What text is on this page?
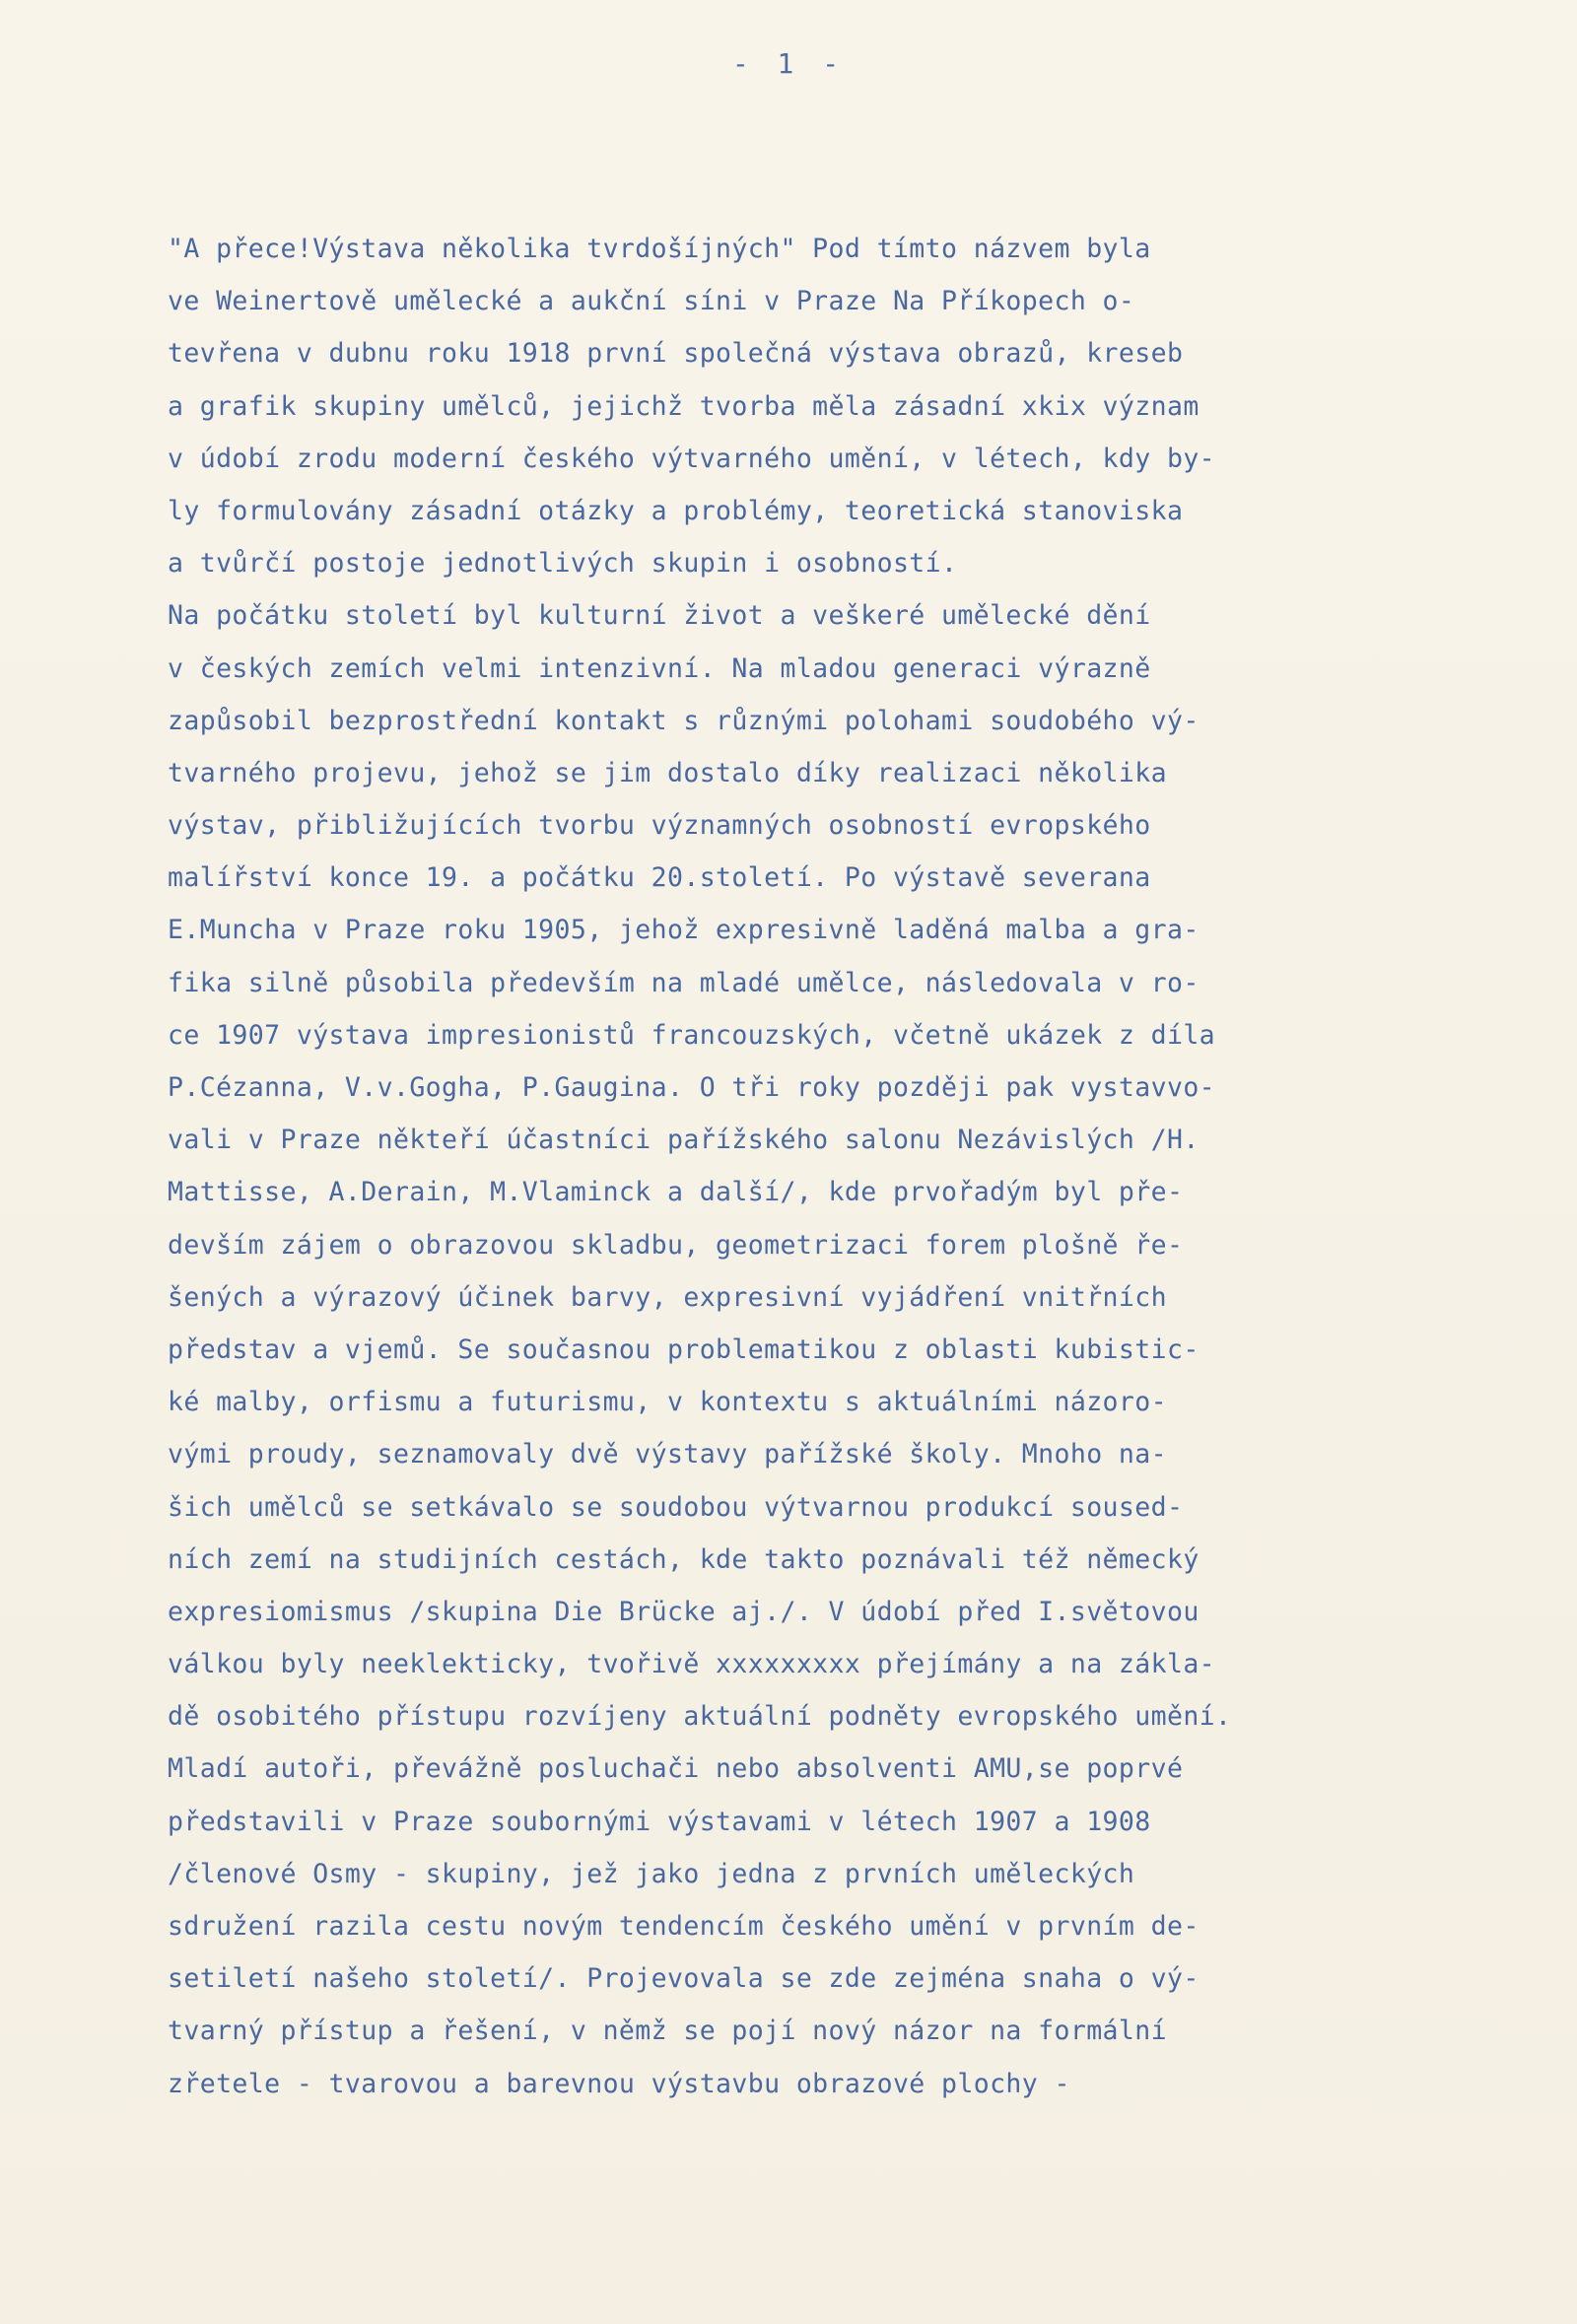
- 1 -
"A přece!Výstava několika tvrdošíjných" Pod tímto názvem byla
ve Weinertově umělecké a aukční síni v Praze Na Příkopech o-
tevřena v dubnu roku 1918 první společná výstava obrazů, kreseb
a grafik skupiny umělců, jejichž tvorba měla zásadní xkix význam
v údobí zrodu moderní českého výtvarného umění, v létech, kdy by-
ly formulovány zásadní otázky a problémy, teoretická stanoviska
a tvůrčí postoje jednotlivých skupin i osobností.
Na počátku století byl kulturní život a veškeré umělecké dění
v českých zemích velmi intenzivní. Na mladou generaci výrazně
zapůsobil bezprostřední kontakt s různými polohami soudobého vý-
tvarného projevu, jehož se jim dostalo díky realizaci několika
výstav, přibližujících tvorbu významných osobností evropského
malířství konce 19. a počátku 20.století. Po výstavě severana
E.Muncha v Praze roku 1905, jehož expresivně laděná malba a gra-
fika silně působila především na mladé umělce, následovala v ro-
ce 1907 výstava impresionistů francouzských, včetně ukázek z díla
P.Cézanna, V.v.Gogha, P.Gaugina. O tři roky později pak vystavvo-
vali v Praze někteří účastníci pařížského salonu Nezávislých /H.
Mattisse, A.Derain, M.Vlaminck a další/, kde prvořadým byl pře-
devším zájem o obrazovou skladbu, geometrizaci forem plošně ře-
šených a výrazový účinek barvy, expresivní vyjádření vnitřních
představ a vjemů. Se současnou problematikou z oblasti kubistic-
ké malby, orfismu a futurismu, v kontextu s aktuálními názoro-
vými proudy, seznamovaly dvě výstavy pařížské školy. Mnoho na-
šich umělců se setkávalo se soudobou výtvarnou produkcí soused-
ních zemí na studijních cestách, kde takto poznávali též německý
expresiomismus /skupina Die Brücke aj./. V údobí před I.světovou
válkou byly neeklekticky, tvořivě xxxxxxxxx přejímány a na zákla-
dě osobitého přístupu rozvíjeny aktuální podněty evropského umění.
Mladí autoři, převážně posluchači nebo absolventi AMU,se poprvé
představili v Praze soubornými výstavami v létech 1907 a 1908
/členové Osmy - skupiny, jež jako jedna z prvních uměleckých
sdružení razila cestu novým tendencím českého umění v prvním de-
setiletí našeho století/. Projevovala se zde zejména snaha o vý-
tvarný přístup a řešení, v němž se pojí nový názor na formální
zřetele - tvarovou a barevnou výstavbu obrazové plochy -
